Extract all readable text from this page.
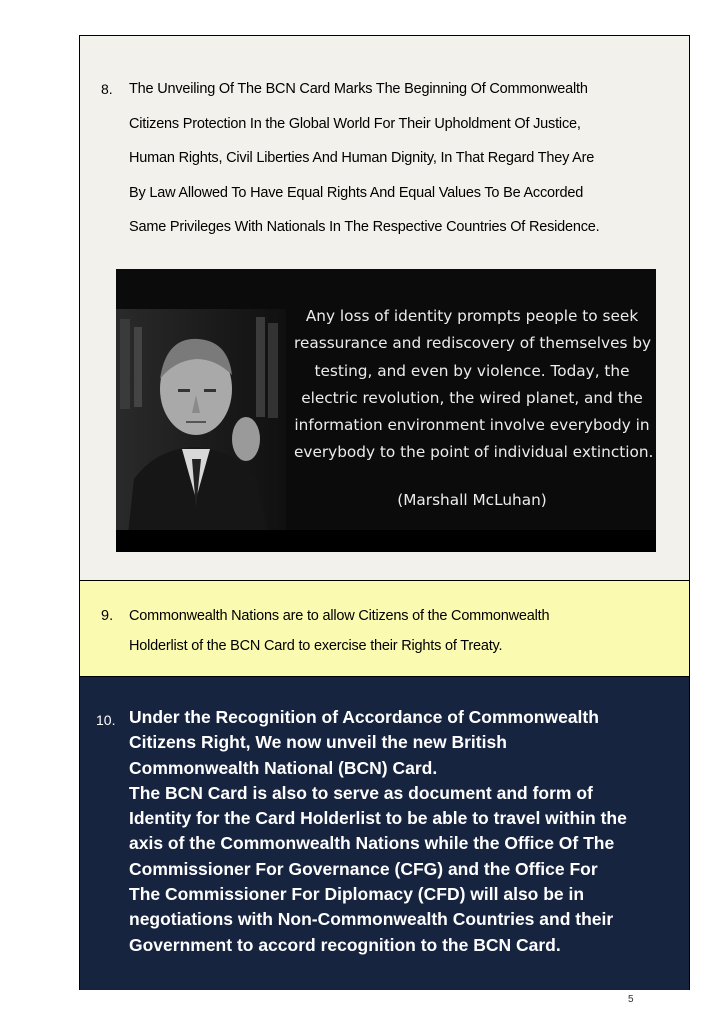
8. The Unveiling Of The BCN Card Marks The Beginning Of Commonwealth
Citizens Protection In the Global World For Their Upholdment Of Justice,
Human Rights, Civil Liberties And Human Dignity, In That Regard They Are
By Law Allowed To Have Equal Rights And Equal Values To Be Accorded
Same Privileges With Nationals In The Respective Countries Of Residence.
Any loss of identity prompts people to seek
reassurance and rediscovery of themselves by
testing, and even by violence. Today, the
electric revolution, the wired planet, and the
information environment involve everybody in
everybody to the point of individual extinction.
(Marshall McLuhan)
9. Commonwealth Nations are to allow Citizens of the Commonwealth
Holderlist of the BCN Card to exercise their Rights of Treaty.
10. Under the Recognition of Accordance of Commonwealth
Citizens Right, We now unveil the new British
Commonwealth National (BCN) Card.
The BCN Card is also to serve as document and form of
Identity for the Card Holderlist to be able to travel within the
axis of the Commonwealth Nations while the Office Of The
Commissioner For Governance (CFG) and the Office For
The Commissioner For Diplomacy (CFD) will also be in
negotiations with Non-Commonwealth Countries and their
Government to accord recognition to the BCN Card.
5
